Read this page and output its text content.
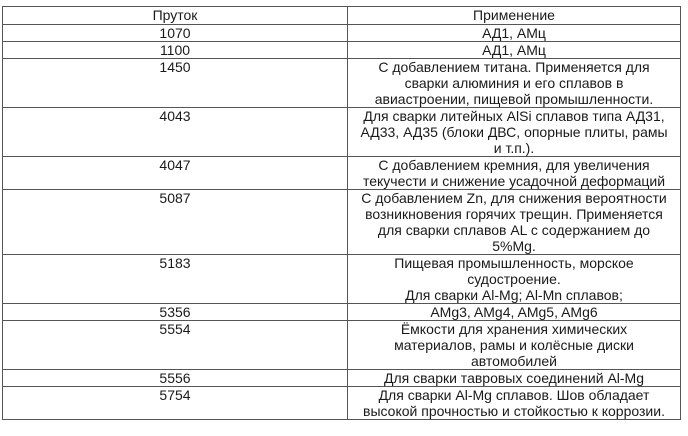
Пруток	Применение
1070	АД1, АМц
1100	АД1, АМц
1450	С добавлением титана. Применяется для
сварки алюминия и его сплавов в
авиастроении, пищевой промышленности.
4043	Для сварки литейных AlSi сплавов типа АД31,
АД33, АД35 (блоки ДВС, опорные плиты, рамы
и т.п.).
4047	С добавлением кремния, для увеличения
текучести и снижение усадочной деформаций
5087	С добавлением Zn, для снижения вероятности
возникновения горячих трещин. Применяется
для сварки сплавов AL с содержанием до
5%Mg.
5183	Пищевая промышленность, морское
судостроение.
Для сварки Al-Mg; Al-Mn сплавов;
5356	AMg3, AMg4, AMg5, AMg6
5554	Ёмкости для хранения химических
материалов, рамы и колёсные диски
автомобилей
5556	Для сварки тавровых соединений Al-Mg
5754	Для сварки Al-Mg сплавов. Шов обладает
высокой прочностью и стойкостью к коррозии.
